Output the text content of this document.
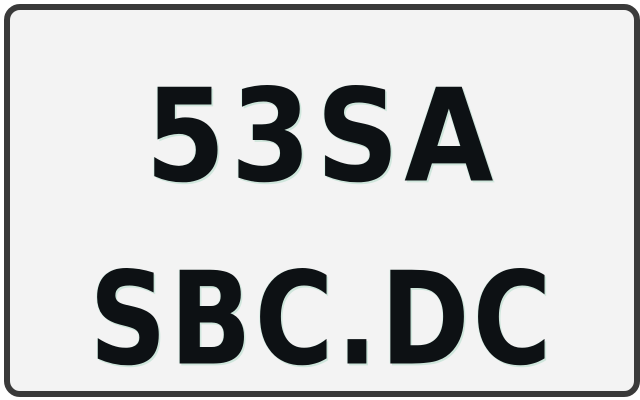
53SA
SBC.DC
